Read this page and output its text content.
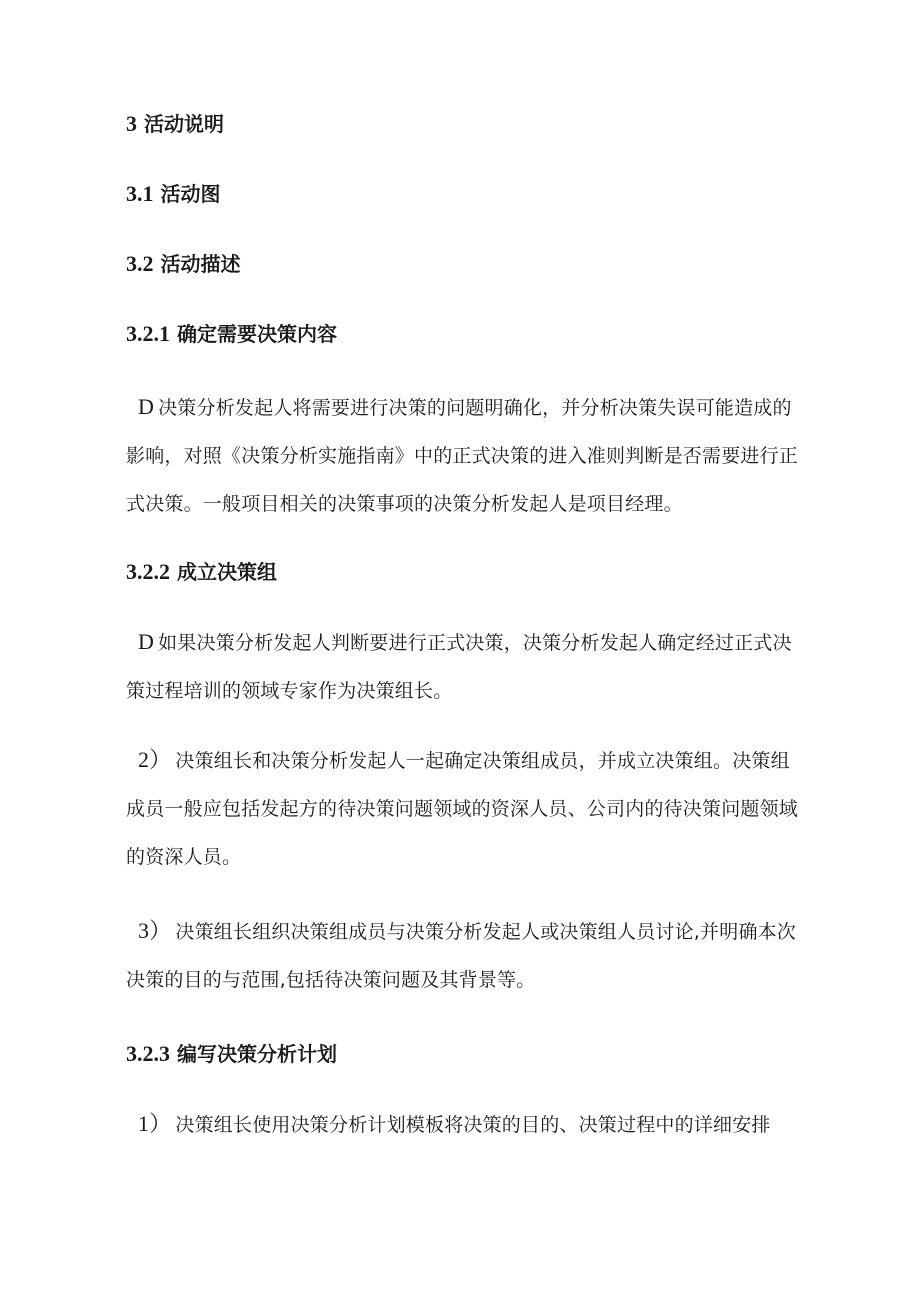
3 活动说明
3.1 活动图
3.2 活动描述
3.2.1 确定需要决策内容
D 决策分析发起人将需要进行决策的问题明确化，并分析决策失误可能造成的影响，对照《决策分析实施指南》中的正式决策的进入准则判断是否需要进行正式决策。一般项目相关的决策事项的决策分析发起人是项目经理。
3.2.2 成立决策组
D 如果决策分析发起人判断要进行正式决策，决策分析发起人确定经过正式决策过程培训的领域专家作为决策组长。
2） 决策组长和决策分析发起人一起确定决策组成员，并成立决策组。决策组成员一般应包括发起方的待决策问题领域的资深人员、公司内的待决策问题领域的资深人员。
3） 决策组长组织决策组成员与决策分析发起人或决策组人员讨论,并明确本次决策的目的与范围,包括待决策问题及其背景等。
3.2.3 编写决策分析计划
1） 决策组长使用决策分析计划模板将决策的目的、决策过程中的详细安排
